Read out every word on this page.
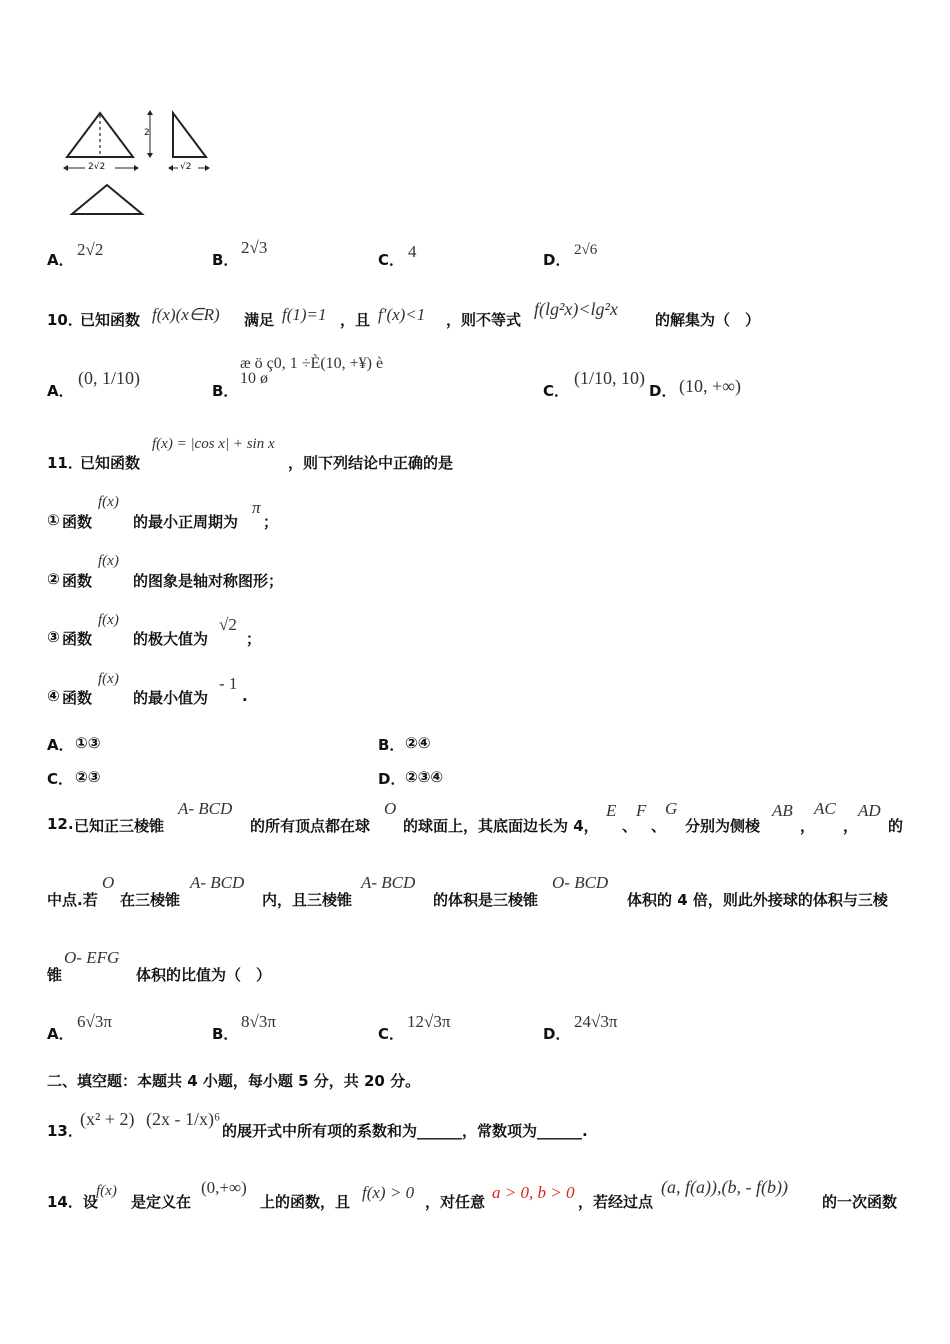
2
2√2	√2
A．
2√2
B．
2√3
C． 4	D．
2√6
10．
已知函数 f(x)(x∈R) 满足 f(1)=1 ，且 f′(x)<1 ，则不等式
f(lg²x)<lg²x
的解集为（　）
A．
(0, 1/10)
B．
æ ö ç0, 1 ÷È(10, +¥) è 10 ø
C．
(1/10, 10)
D． (10, +∞)
11．
已知函数
f(x) = |cos x| + sin x
，则下列结论中正确的是
① 函数
f(x)
的最小正周期为
π
；
② 函数
f(x)
的图象是轴对称图形；
③ 函数
f(x)
的极大值为
√2
；
④ 函数
f(x)
的最小值为
- 1
.
A． ①③	B． ②④
C． ②③	D． ②③④
12. 已知正三棱锥
A- BCD
的所有顶点都在球
O
的球面上，其底面边长为 4，
E
、
F
、
G
分别为侧棱
AB
，
AC
，
AD
的
中点.若
O
在三棱锥
A- BCD
内，且三棱锥
A- BCD
的体积是三棱锥
O- BCD
体积的 4 倍，则此外接球的体积与三棱
锥
O- EFG
体积的比值为（　）
A．
6√3π
B．
8√3π
C．
12√3π
D．
24√3π
二、填空题：本题共 4 小题，每小题 5 分，共 20 分。
13．
(x² + 2) (2x - 1/x)⁶
的展开式中所有项的系数和为______，常数项为______.
14．设
f(x)
是定义在
(0,+∞)
上的函数，且 f(x) > 0 ，对任意 a > 0, b > 0 ，若经过点
(a, f(a)),(b, - f(b))
的一次函数
